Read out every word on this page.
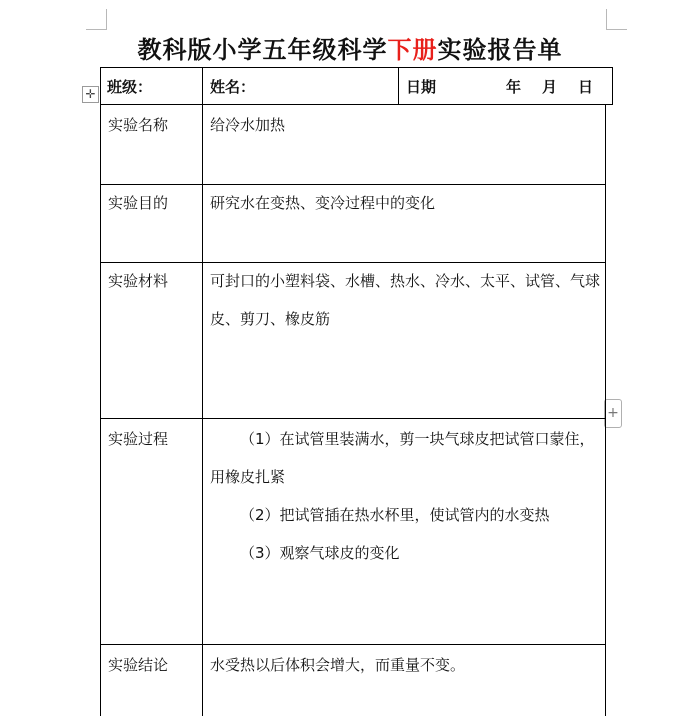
教科版小学五年级科学下册实验报告单
✛
+
班级：	姓名：	日期	年 月 日
实验名称	给冷水加热
实验目的	研究水在变热、变冷过程中的变化
实验材料	可封口的小塑料袋、水槽、热水、冷水、太平、试管、气球皮、剪刀、橡皮筋
实验过程	（1）在试管里装满水，剪一块气球皮把试管口蒙住，用橡皮扎紧

（2）把试管插在热水杯里，使试管内的水变热

（3）观察气球皮的变化

实验结论	水受热以后体积会增大，而重量不变。
